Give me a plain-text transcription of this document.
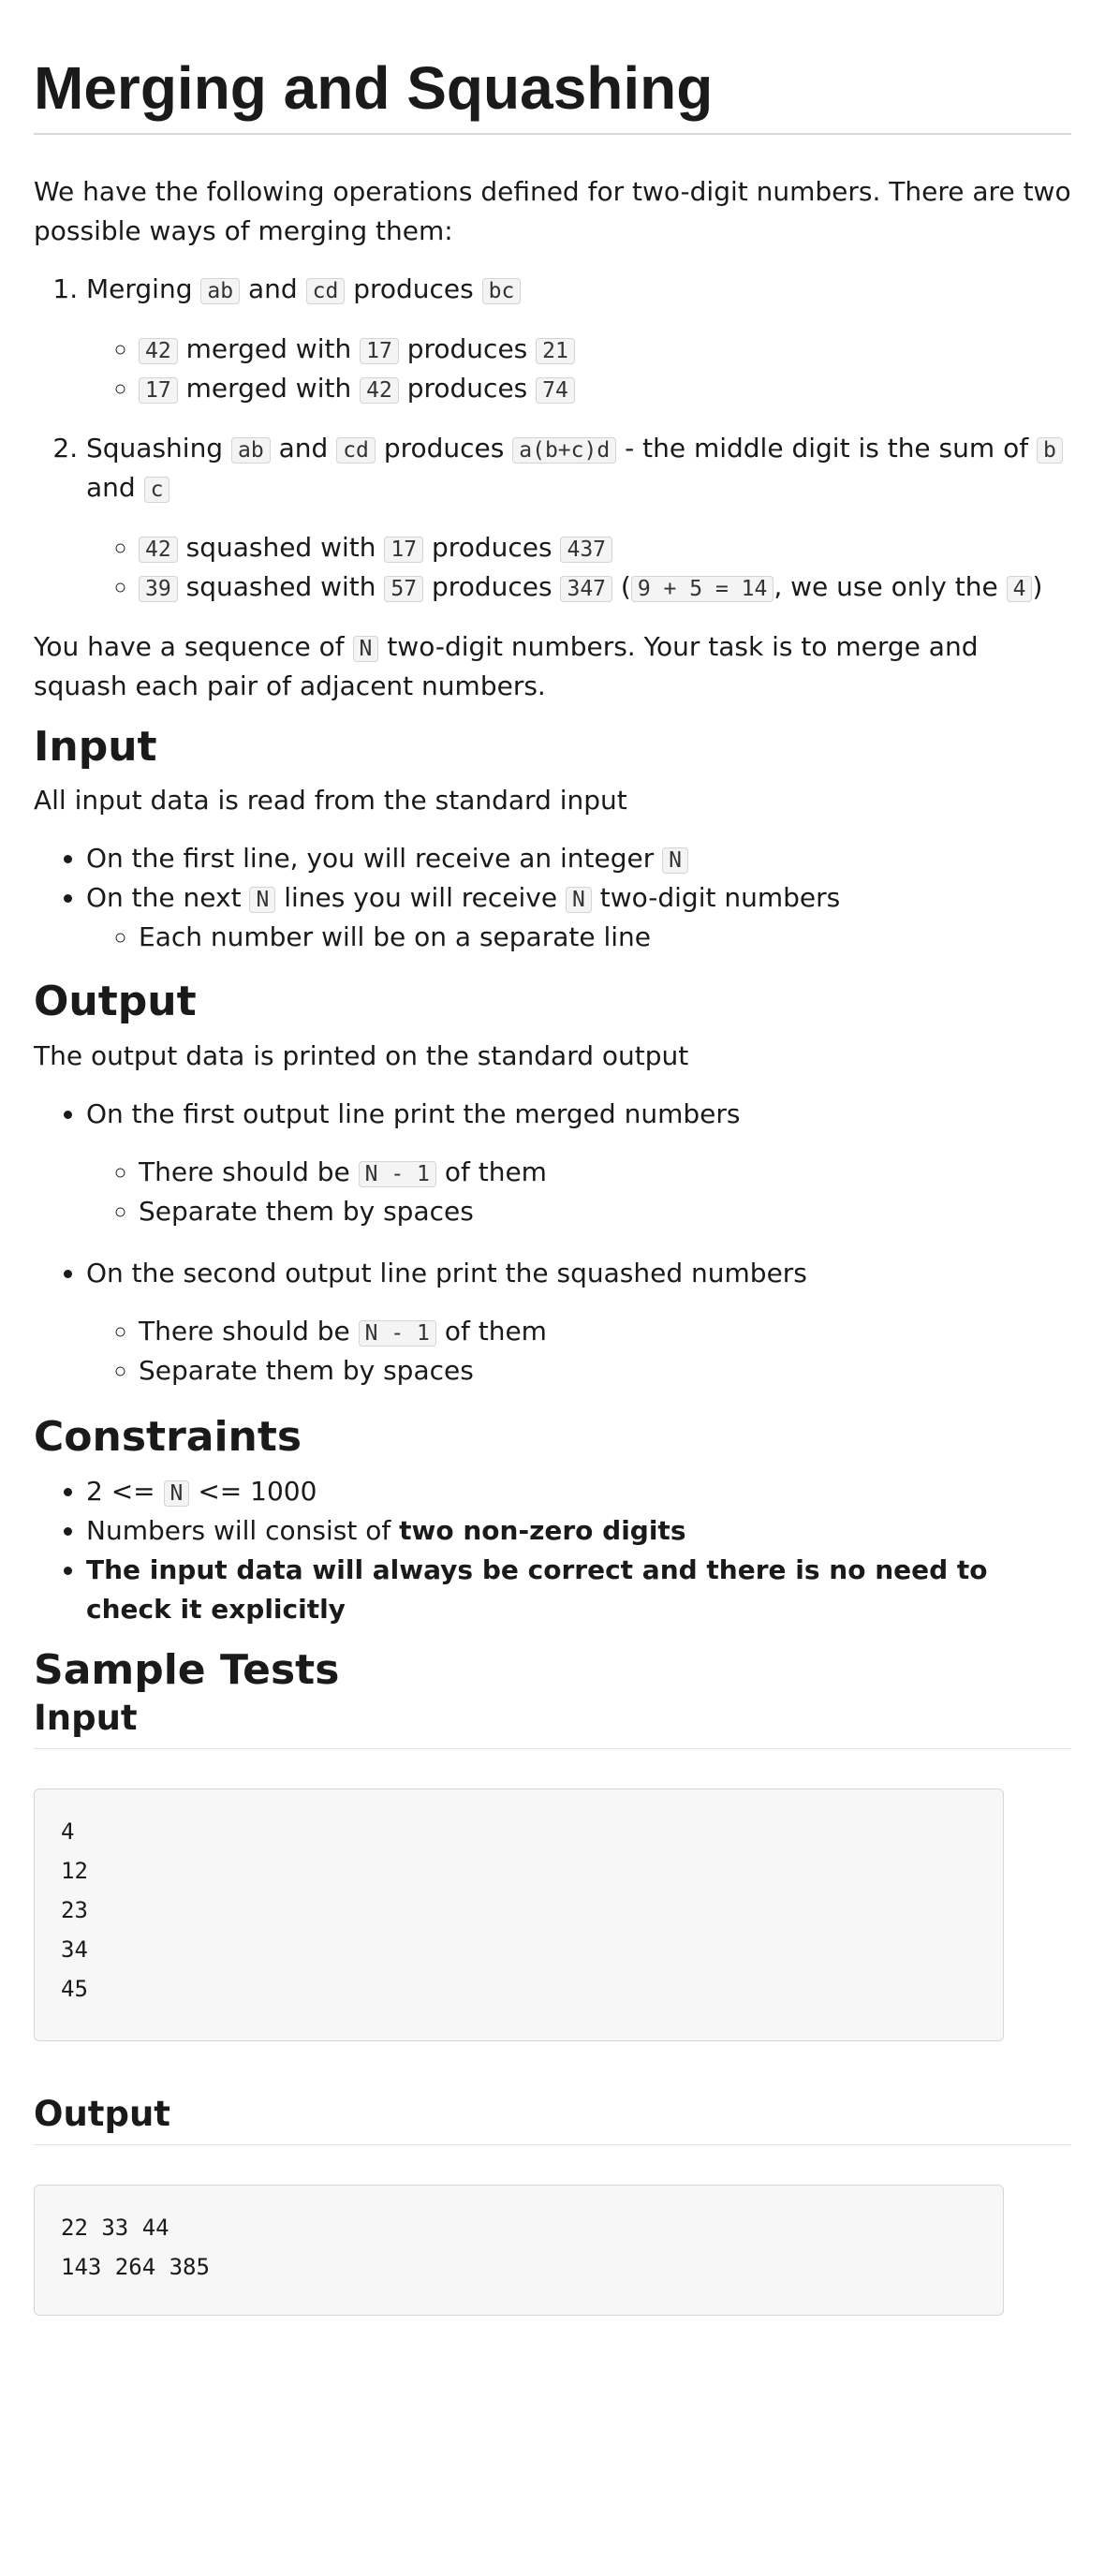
Merging and Squashing

We have the following operations defined for two-digit numbers. There are two possible ways of merging them:

1. Merging ab and cd produces bc
◦ 42 merged with 17 produces 21
◦ 17 merged with 42 produces 74
2. Squashing ab and cd produces a(b+c)d - the middle digit is the sum of b and c
◦ 42 squashed with 17 produces 437
◦ 39 squashed with 57 produces 347 ( 9 + 5 = 14 , we use only the 4 )

You have a sequence of N two-digit numbers. Your task is to merge and squash each pair of adjacent numbers.

Input

All input data is read from the standard input

• On the first line, you will receive an integer N
• On the next N lines you will receive N two-digit numbers
◦ Each number will be on a separate line
Output

The output data is printed on the standard output

• On the first output line print the merged numbers
◦ There should be N - 1 of them
◦ Separate them by spaces
• On the second output line print the squashed numbers
◦ There should be N - 1 of them
◦ Separate them by spaces
Constraints
• 2 <= N <= 1000
• Numbers will consist of two non-zero digits
• The input data will always be correct and there is no need to check it explicitly
Sample Tests
Input
4
12
23
34
45
Output
22 33 44
143 264 385
